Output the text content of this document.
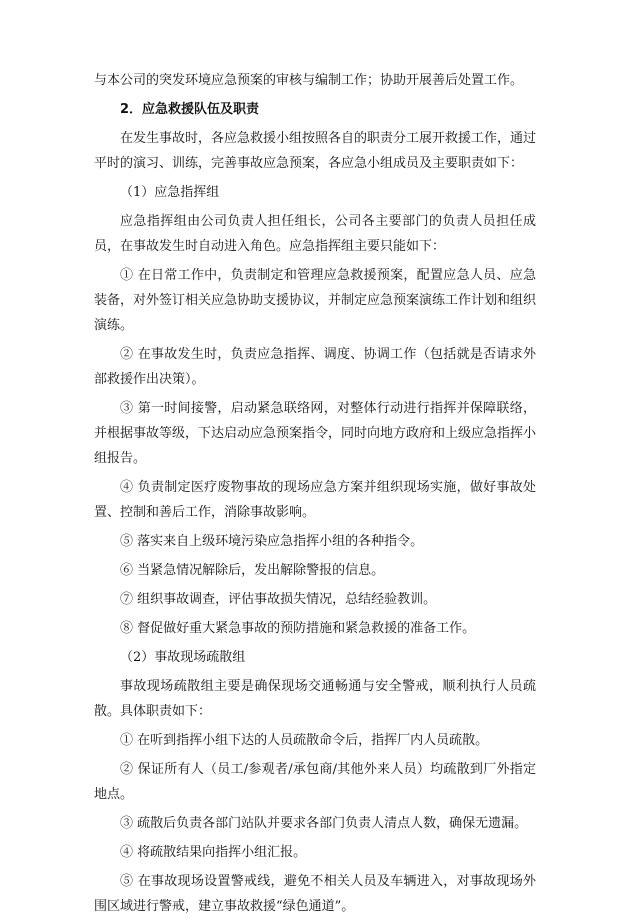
与本公司的突发环境应急预案的审核与编制工作；协助开展善后处置工作。

2．应急救援队伍及职责

在发生事故时，各应急救援小组按照各自的职责分工展开救援工作，通过平时的演习、训练，完善事故应急预案，各应急小组成员及主要职责如下：

（1）应急指挥组

应急指挥组由公司负责人担任组长，公司各主要部门的负责人员担任成员，在事故发生时自动进入角色。应急指挥组主要只能如下：

① 在日常工作中，负责制定和管理应急救援预案，配置应急人员、应急装备，对外签订相关应急协助支援协议，并制定应急预案演练工作计划和组织演练。

② 在事故发生时，负责应急指挥、调度、协调工作（包括就是否请求外部救援作出决策）。

③ 第一时间接警，启动紧急联络网，对整体行动进行指挥并保障联络，并根据事故等级，下达启动应急预案指令，同时向地方政府和上级应急指挥小组报告。

④ 负责制定医疗废物事故的现场应急方案并组织现场实施，做好事故处置、控制和善后工作，消除事故影响。

⑤ 落实来自上级环境污染应急指挥小组的各种指令。

⑥ 当紧急情况解除后，发出解除警报的信息。

⑦ 组织事故调查，评估事故损失情况，总结经验教训。

⑧ 督促做好重大紧急事故的预防措施和紧急救援的准备工作。

（2）事故现场疏散组

事故现场疏散组主要是确保现场交通畅通与安全警戒，顺利执行人员疏散。具体职责如下：

① 在听到指挥小组下达的人员疏散命令后，指挥厂内人员疏散。

② 保证所有人（员工/参观者/承包商/其他外来人员）均疏散到厂外指定地点。

③ 疏散后负责各部门站队并要求各部门负责人清点人数，确保无遗漏。

④ 将疏散结果向指挥小组汇报。

⑤ 在事故现场设置警戒线，避免不相关人员及车辆进入，对事故现场外围区域进行警戒，建立事故救援“绿色通道”。
